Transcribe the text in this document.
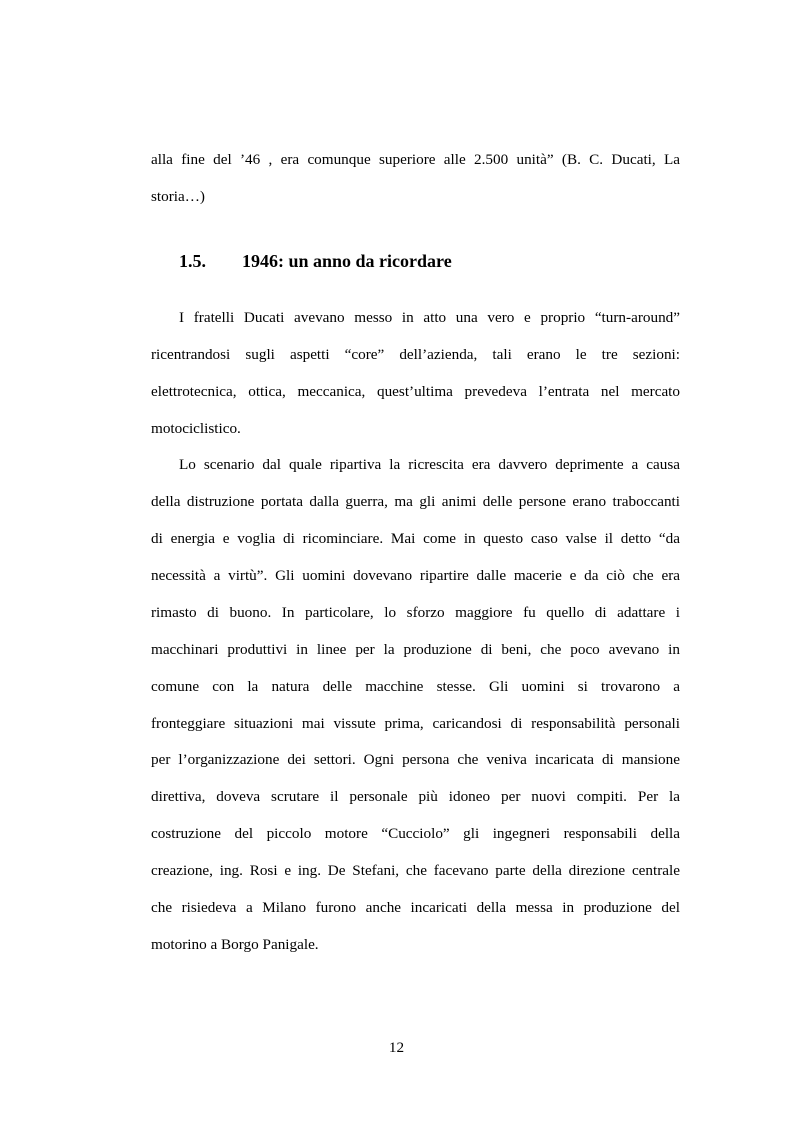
alla fine del ’46 , era comunque superiore alle 2.500 unità” (B. C. Ducati, La
storia…)
1.5. 1946: un anno da ricordare
I fratelli Ducati avevano messo in atto una vero e proprio “turn-around”
ricentrandosi sugli aspetti “core” dell’azienda, tali erano le tre sezioni:
elettrotecnica, ottica, meccanica, quest’ultima prevedeva l’entrata nel mercato
motociclistico.
Lo scenario dal quale ripartiva la ricrescita era davvero deprimente a causa
della distruzione portata dalla guerra, ma gli animi delle persone erano traboccanti
di energia e voglia di ricominciare. Mai come in questo caso valse il detto “da
necessità a virtù”. Gli uomini dovevano ripartire dalle macerie e da ciò che era
rimasto di buono. In particolare, lo sforzo maggiore fu quello di adattare i
macchinari produttivi in linee per la produzione di beni, che poco avevano in
comune con la natura delle macchine stesse. Gli uomini si trovarono a
fronteggiare situazioni mai vissute prima, caricandosi di responsabilità personali
per l’organizzazione dei settori. Ogni persona che veniva incaricata di mansione
direttiva, doveva scrutare il personale più idoneo per nuovi compiti. Per la
costruzione del piccolo motore “Cucciolo” gli ingegneri responsabili della
creazione, ing. Rosi e ing. De Stefani, che facevano parte della direzione centrale
che risiedeva a Milano furono anche incaricati della messa in produzione del
motorino a Borgo Panigale.
12
